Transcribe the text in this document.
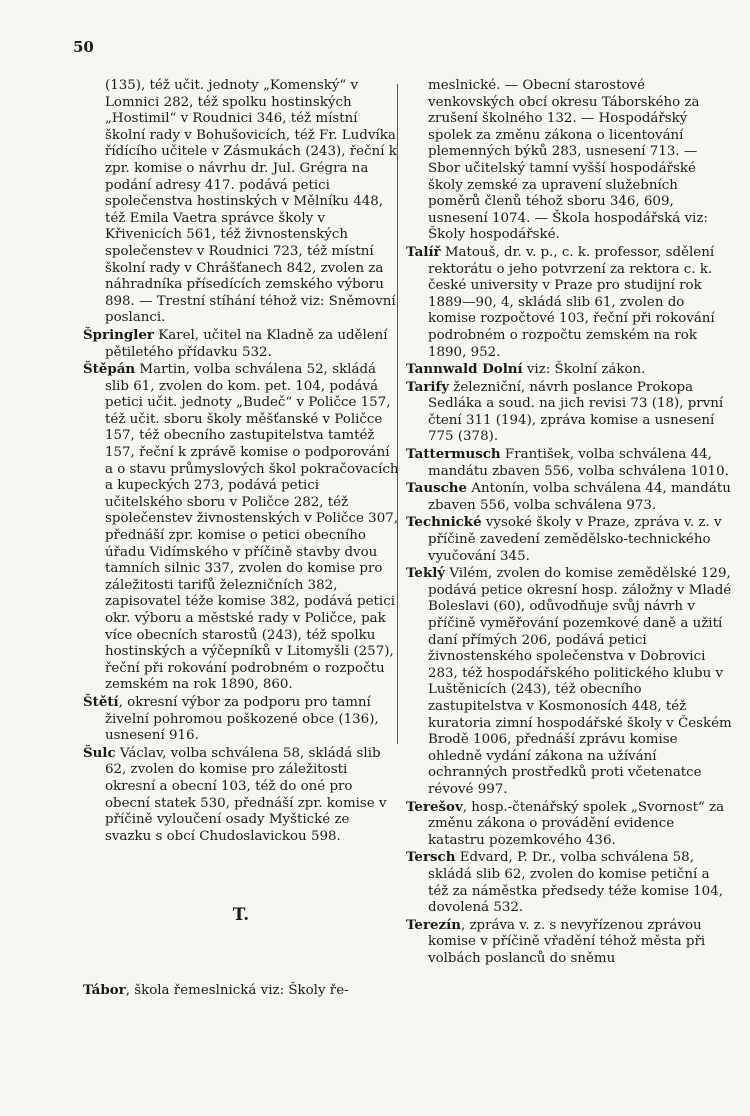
50

(135), též učit. jednoty „Komenský“ v Lomnici 282, též spolku hostinských „Hostimil“ v Roudnici 346, též místní školní rady v Bohušovicích, též Fr. Ludvíka řídícího učitele v Zásmukách (243), řeční k zpr. komise o návrhu dr. Jul. Grégra na podání adresy 417. podává petici společenstva hostinských v Mělníku 448, též Emila Vaetra správce školy v Křivenicích 561, též živnostenských společenstev v Roudnici 723, též místní školní rady v Chrášťanech 842, zvolen za náhradníka přísedících zemského výboru 898. — Trestní stíhání téhož viz: Sněmovní poslanci.

Špringler Karel, učitel na Kladně za udělení pětiletého přídavku 532.

Štěpán Martin, volba schválena 52, skládá slib 61, zvolen do kom. pet. 104, podává petici učit. jednoty „Budeč“ v Poličce 157, též učit. sboru školy měšťanské v Poličce 157, též obecního zastupitelstva tamtéž 157, řeční k zprávě komise o podporování a o stavu průmyslových škol pokračovacích a kupeckých 273, podává petici učitelského sboru v Poličce 282, též společenstev živnostenských v Poličce 307, přednáší zpr. komise o petici obecního úřadu Vidímského v příčině stavby dvou tamních silnic 337, zvolen do komise pro záležitosti tarifů železničních 382, zapisovatel téže komise 382, podává petici okr. výboru a městské rady v Poličce, pak více obecních starostů (243), též spolku hostinských a výčepníků v Litomyšli (257), řeční při rokování podrobném o rozpočtu zemském na rok 1890, 860.

Štětí, okresní výbor za podporu pro tamní živelní pohromou poškozené obce (136), usnesení 916.

Šulc Václav, volba schválena 58, skládá slib 62, zvolen do komise pro záležitosti okresní a obecní 103, též do oné pro obecní statek 530, přednáší zpr. komise v příčině vyloučení osady Myštické ze svazku s obcí Chudoslavickou 598.

T.

Tábor, škola řemeslnická viz: Školy ře-

meslnické. — Obecní starostové venkovských obcí okresu Táborského za zrušení školného 132. — Hospodářský spolek za změnu zákona o licentování plemenných býků 283, usnesení 713. — Sbor učitelský tamní vyšší hospodářské školy zemské za upravení služebních poměrů členů téhož sboru 346, 609, usnesení 1074. — Škola hospodářská viz: Školy hospodářské.

Talíř Matouš, dr. v. p., c. k. professor, sdělení rektorátu o jeho potvrzení za rektora c. k. české university v Praze pro studijní rok 1889—90, 4, skládá slib 61, zvolen do komise rozpočtové 103, řeční při rokování podrobném o rozpočtu zemském na rok 1890, 952.

Tannwald Dolní viz: Školní zákon.

Tarify železniční, návrh poslance Prokopa Sedláka a soud. na jich revisi 73 (18), první čtení 311 (194), zpráva komise a usnesení 775 (378).

Tattermusch František, volba schválena 44, mandátu zbaven 556, volba schválena 1010.

Tausche Antonín, volba schválena 44, mandátu zbaven 556, volba schválena 973.

Technické vysoké školy v Praze, zpráva v. z. v příčině zavedení zemědělsko-technického vyučování 345.

Teklý Vilém, zvolen do komise zemědělské 129, podává petice okresní hosp. záložny v Mladé Boleslavi (60), odůvodňuje svůj návrh v příčině vyměřování pozemkové daně a užití daní přímých 206, podává petici živnostenského společenstva v Dobrovici 283, též hospodářského politického klubu v Luštěnicích (243), též obecního zastupitelstva v Kosmonosích 448, též kuratoria zimní hospodářské školy v Českém Brodě 1006, přednáší zprávu komise ohledně vydání zákona na užívání ochranných prostředků proti včetenatce révové 997.

Terešov, hosp.-čtenářský spolek „Svornost“ za změnu zákona o provádění evidence katastru pozemkového 436.

Tersch Edvard, P. Dr., volba schválena 58, skládá slib 62, zvolen do komise petiční a též za náměstka předsedy téže komise 104, dovolená 532.

Terezín, zpráva v. z. s nevyřízenou zprávou komise v příčině vřadění téhož města při volbách poslanců do sněmu
